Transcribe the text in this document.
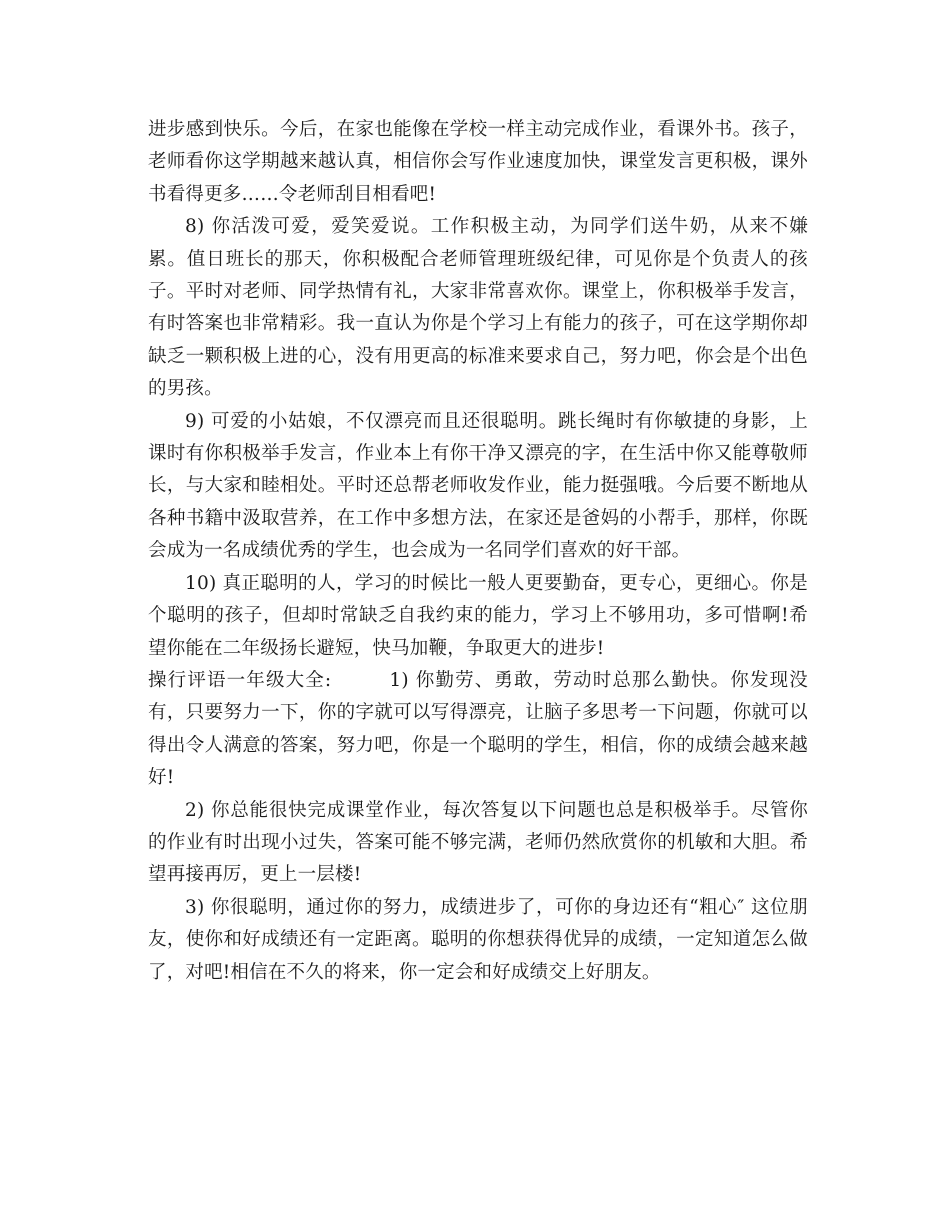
进步感到快乐。今后，在家也能像在学校一样主动完成作业，看课外书。孩子，老师看你这学期越来越认真，相信你会写作业速度加快，课堂发言更积极，课外书看得更多……令老师刮目相看吧!

8) 你活泼可爱，爱笑爱说。工作积极主动，为同学们送牛奶，从来不嫌累。值日班长的那天，你积极配合老师管理班级纪律，可见你是个负责人的孩子。平时对老师、同学热情有礼，大家非常喜欢你。课堂上，你积极举手发言，有时答案也非常精彩。我一直认为你是个学习上有能力的孩子，可在这学期你却缺乏一颗积极上进的心，没有用更高的标准来要求自己，努力吧，你会是个出色的男孩。

9) 可爱的小姑娘，不仅漂亮而且还很聪明。跳长绳时有你敏捷的身影，上课时有你积极举手发言，作业本上有你干净又漂亮的字，在生活中你又能尊敬师长，与大家和睦相处。平时还总帮老师收发作业，能力挺强哦。今后要不断地从各种书籍中汲取营养，在工作中多想方法，在家还是爸妈的小帮手，那样，你既会成为一名成绩优秀的学生，也会成为一名同学们喜欢的好干部。

10) 真正聪明的人，学习的时候比一般人更要勤奋，更专心，更细心。你是个聪明的孩子，但却时常缺乏自我约束的能力，学习上不够用功，多可惜啊!希望你能在二年级扬长避短，快马加鞭，争取更大的进步!

操行评语一年级大全:	1) 你勤劳、勇敢，劳动时总那么勤快。你发现没有，只要努力一下，你的字就可以写得漂亮，让脑子多思考一下问题，你就可以得出令人满意的答案，努力吧，你是一个聪明的学生，相信，你的成绩会越来越好!

2) 你总能很快完成课堂作业，每次答复以下问题也总是积极举手。尽管你的作业有时出现小过失，答案可能不够完满，老师仍然欣赏你的机敏和大胆。希望再接再厉，更上一层楼!

3) 你很聪明，通过你的努力，成绩进步了，可你的身边还有“粗心″ 这位朋友，使你和好成绩还有一定距离。聪明的你想获得优异的成绩，一定知道怎么做了，对吧!相信在不久的将来，你一定会和好成绩交上好朋友。
